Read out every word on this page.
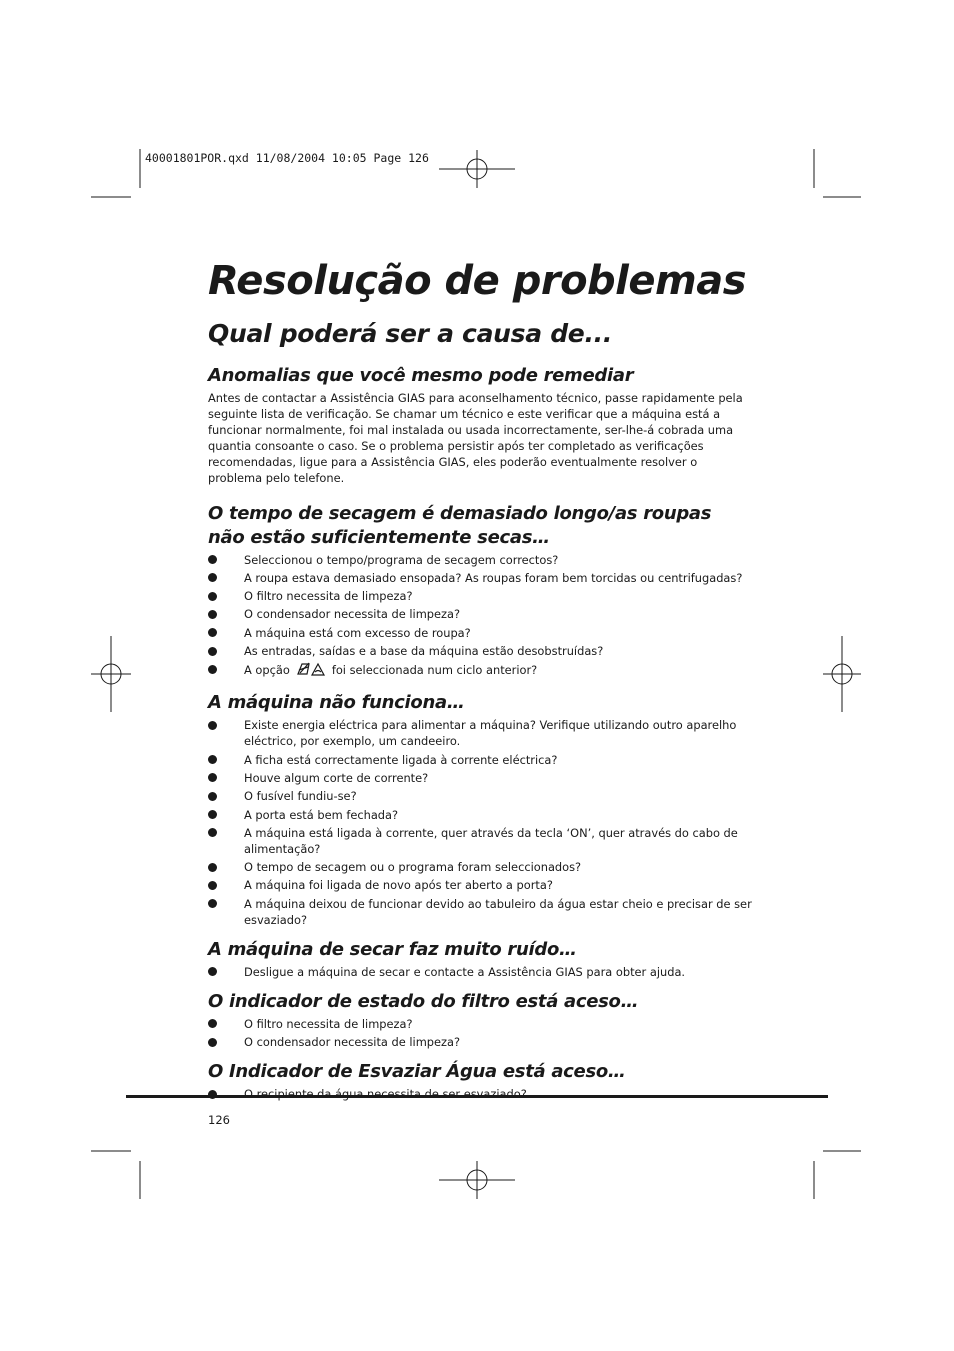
40001801POR.qxd 11/08/2004 10:05 Page 126
Resolução de problemas
Qual poderá ser a causa de...
Anomalias que você mesmo pode remediar

Antes de contactar a Assistência GIAS para aconselhamento técnico, passe rapidamente pela seguinte lista de verificação. Se chamar um técnico e este verificar que a máquina está a funcionar normalmente, foi mal instalada ou usada incorrectamente, ser-lhe-á cobrada uma quantia consoante o caso. Se o problema persistir após ter completado as verificações recomendadas, ligue para a Assistência GIAS, eles poderão eventualmente resolver o problema pelo telefone.

O tempo de secagem é demasiado longo/as roupas não estão suficientemente secas…
Seleccionou o tempo/programa de secagem correctos?
A roupa estava demasiado ensopada? As roupas foram bem torcidas ou centrifugadas?
O filtro necessita de limpeza?
O condensador necessita de limpeza?
A máquina está com excesso de roupa?
As entradas, saídas e a base da máquina estão desobstruídas?
A opção	foi seleccionada num ciclo anterior?
A máquina não funciona…
Existe energia eléctrica para alimentar a máquina? Verifique utilizando outro aparelho eléctrico, por exemplo, um candeeiro.
A ficha está correctamente ligada à corrente eléctrica?
Houve algum corte de corrente?
O fusível fundiu-se?
A porta está bem fechada?
A máquina está ligada à corrente, quer através da tecla ‘ON’, quer através do cabo de alimentação?
O tempo de secagem ou o programa foram seleccionados?
A máquina foi ligada de novo após ter aberto a porta?
A máquina deixou de funcionar devido ao tabuleiro da água estar cheio e precisar de ser esvaziado?
A máquina de secar faz muito ruído…
Desligue a máquina de secar e contacte a Assistência GIAS para obter ajuda.
O indicador de estado do filtro está aceso…
O filtro necessita de limpeza?
O condensador necessita de limpeza?
O Indicador de Esvaziar Água está aceso…
126
